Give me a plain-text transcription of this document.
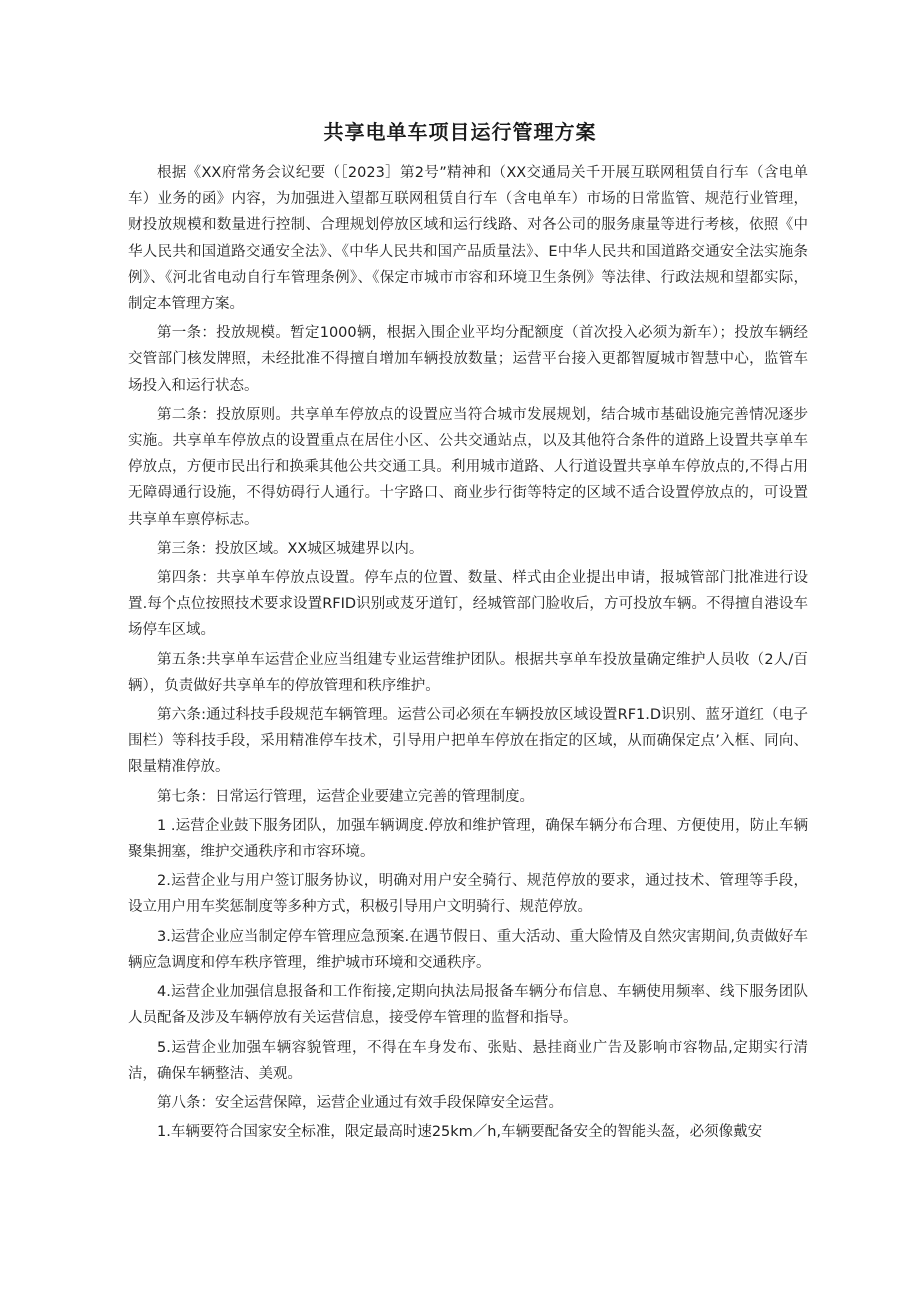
共享电单车项目运行管理方案

根据《XX府常务会议纪要（［2023］第2号”精神和（XX交通局关千开展互联网租赁自行车（含电单车）业务的函》内容，为加强进入望都互联网租赁自行车（含电单车）市场的日常监管、规范行业管理，财投放规模和数量进行控制、合理规划停放区域和运行线路、对各公司的服务康量等进行考核，依照《中华人民共和国道路交通安全法》、《中华人民共和国产品质量法》、E中华人民共和国道路交通安全法实施条例》、《河北省电动自行车管理条例》、《保定市城市市容和环境卫生条例》等法律、行政法规和望都实际，制定本管理方案。

第一条：投放规模。暂定1000辆，根据入围企业平均分配额度（首次投入必须为新车）；投放车辆经交管部门核发牌照，未经批准不得擅自增加车辆投放数量；运营平台接入更都智厦城市智慧中心，监管车场投入和运行状态。

第二条：投放原则。共享单车停放点的设置应当符合城市发展规划，结合城市基础设施完善情况逐步实施。共享单车停放点的设置重点在居住小区、公共交通站点，以及其他符合条件的道路上设置共享单车停放点，方便市民出行和换乘其他公共交通工具。利用城市道路、人行道设置共享单车停放点的,不得占用无障碍通行设施，不得妨碍行人通行。十字路口、商业步行街等特定的区域不适合设置停放点的，可设置共享单车禀停标志。

第三条：投放区域。XX城区城建界以内。

第四条：共享单车停放点设置。停车点的位置、数量、样式由企业提出申请，报城管部门批准进行设置.每个点位按照技术要求设置RFID识别或芨牙道钉，经城管部门脸收后，方可投放车辆。不得擅自港设车场停车区域。

第五条:共享单车运营企业应当组建专业运营维护团队。根据共享单车投放量确定维护人员收（2人/百辆），负责做好共享单车的停放管理和秩序维护。

第六条:通过科技手段规范车辆管理。运营公司必须在车辆投放区域设置RF1.D识别、蓝牙道红（电子围栏）等科技手段，采用精准停车技术，引导用户把单车停放在指定的区域，从而确保定点’入框、同向、限量精准停放。

第七条：日常运行管理，运营企业要建立完善的管理制度。

1 .运营企业鼓下服务团队，加强车辆调度.停放和维护管理，确保车辆分布合理、方便使用，防止车辆聚集拥塞，维护交通秩序和市容环境。

2.运营企业与用户签订服务协议，明确对用户安全骑行、规范停放的要求，通过技术、管理等手段，设立用户用车奖惩制度等多种方式，积极引导用户文明骑行、规范停放。

3.运营企业应当制定停车管理应急预案.在遇节假日、重大活动、重大险情及自然灾害期间,负责做好车辆应急调度和停车秩序管理，维护城市环境和交通秩序。

4.运营企业加强信息报备和工作衔接,定期向执法局报备车辆分布信息、车辆使用频率、线下服务团队人员配备及涉及车辆停放有关运营信息，接受停车管理的监督和指导。

5.运营企业加强车辆容貌管理，不得在车身发布、张贴、悬挂商业广告及影响市容物品,定期实行清洁，确保车辆整洁、美观。

第八条：安全运营保障，运营企业通过有效手段保障安全运营。

1.车辆要符合国家安全标准，限定最高时速25km／h,车辆要配备安全的智能头盔，必须像戴安
